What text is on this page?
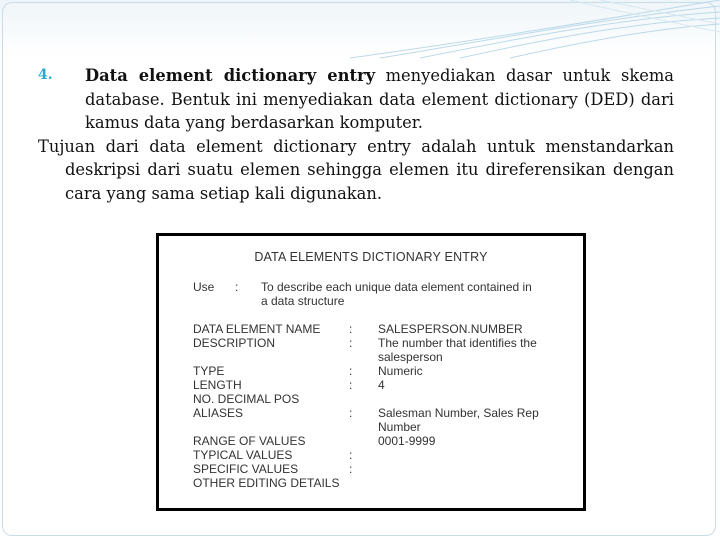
4. Data element dictionary entry menyediakan dasar untuk skema database. Bentuk ini menyediakan data element dictionary (DED) dari kamus data yang berdasarkan komputer.

Tujuan dari data element dictionary entry adalah untuk menstandarkan deskripsi dari suatu elemen sehingga elemen itu direferensikan dengan cara yang sama setiap kali digunakan.

DATA ELEMENTS DICTIONARY ENTRY
Use : To describe each unique data element contained in
a data structure
DATA ELEMENT NAME : SALESPERSON.NUMBER
DESCRIPTION	: The number that identifies the
salesperson
TYPE	: Numeric
LENGTH	: 4
NO. DECIMAL POS
ALIASES	: Salesman Number, Sales Rep
Number
RANGE OF VALUES	0001-9999
TYPICAL VALUES	:
SPECIFIC VALUES	:
OTHER EDITING DETAILS
